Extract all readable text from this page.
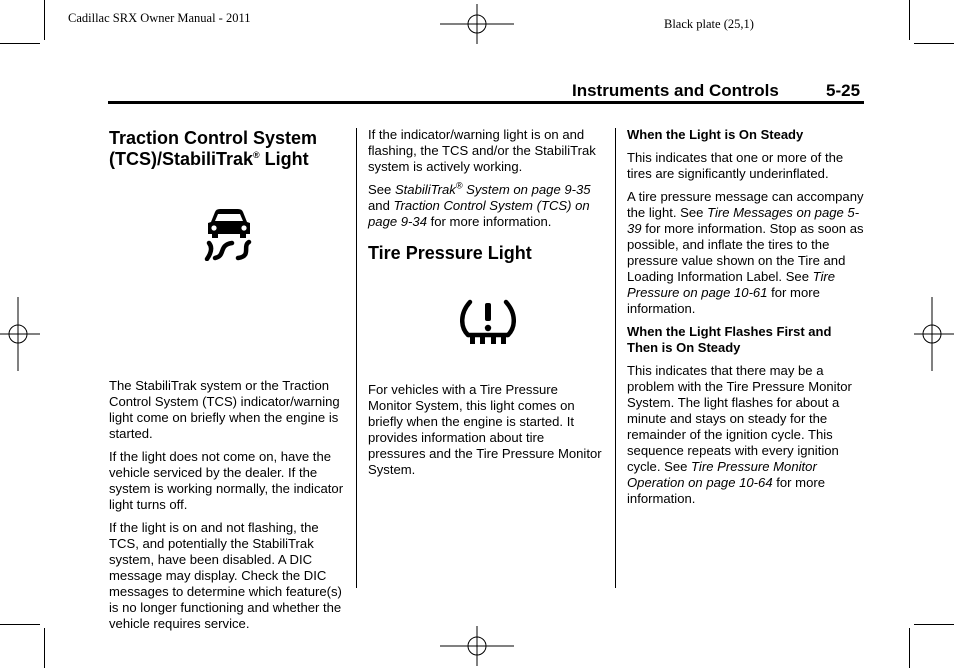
Cadillac SRX Owner Manual - 2011	Black plate (25,1)
Instruments and Controls	5-25
Traction Control System
(TCS)/StabiliTrak® Light

The StabiliTrak system or the Traction Control System (TCS) indicator/warning light come on briefly when the engine is started.

If the light does not come on, have the vehicle serviced by the dealer. If the system is working normally, the indicator light turns off.

If the light is on and not flashing, the TCS, and potentially the StabiliTrak system, have been disabled. A DIC message may display. Check the DIC messages to determine which feature(s) is no longer functioning and whether the vehicle requires service.

If the indicator/warning light is on and flashing, the TCS and/or the StabiliTrak system is actively working.

See StabiliTrak® System on page 9-35 and Traction Control System (TCS) on page 9-34 for more information.

Tire Pressure Light

For vehicles with a Tire Pressure Monitor System, this light comes on briefly when the engine is started. It provides information about tire pressures and the Tire Pressure Monitor System.

When the Light is On Steady

This indicates that one or more of the tires are significantly underinflated.

A tire pressure message can accompany the light. See Tire Messages on page 5-39 for more information. Stop as soon as possible, and inflate the tires to the pressure value shown on the Tire and Loading Information Label. See Tire Pressure on page 10-61 for more information.

When the Light Flashes First and Then is On Steady

This indicates that there may be a problem with the Tire Pressure Monitor System. The light flashes for about a minute and stays on steady for the remainder of the ignition cycle. This sequence repeats with every ignition cycle. See Tire Pressure Monitor Operation on page 10-64 for more information.
